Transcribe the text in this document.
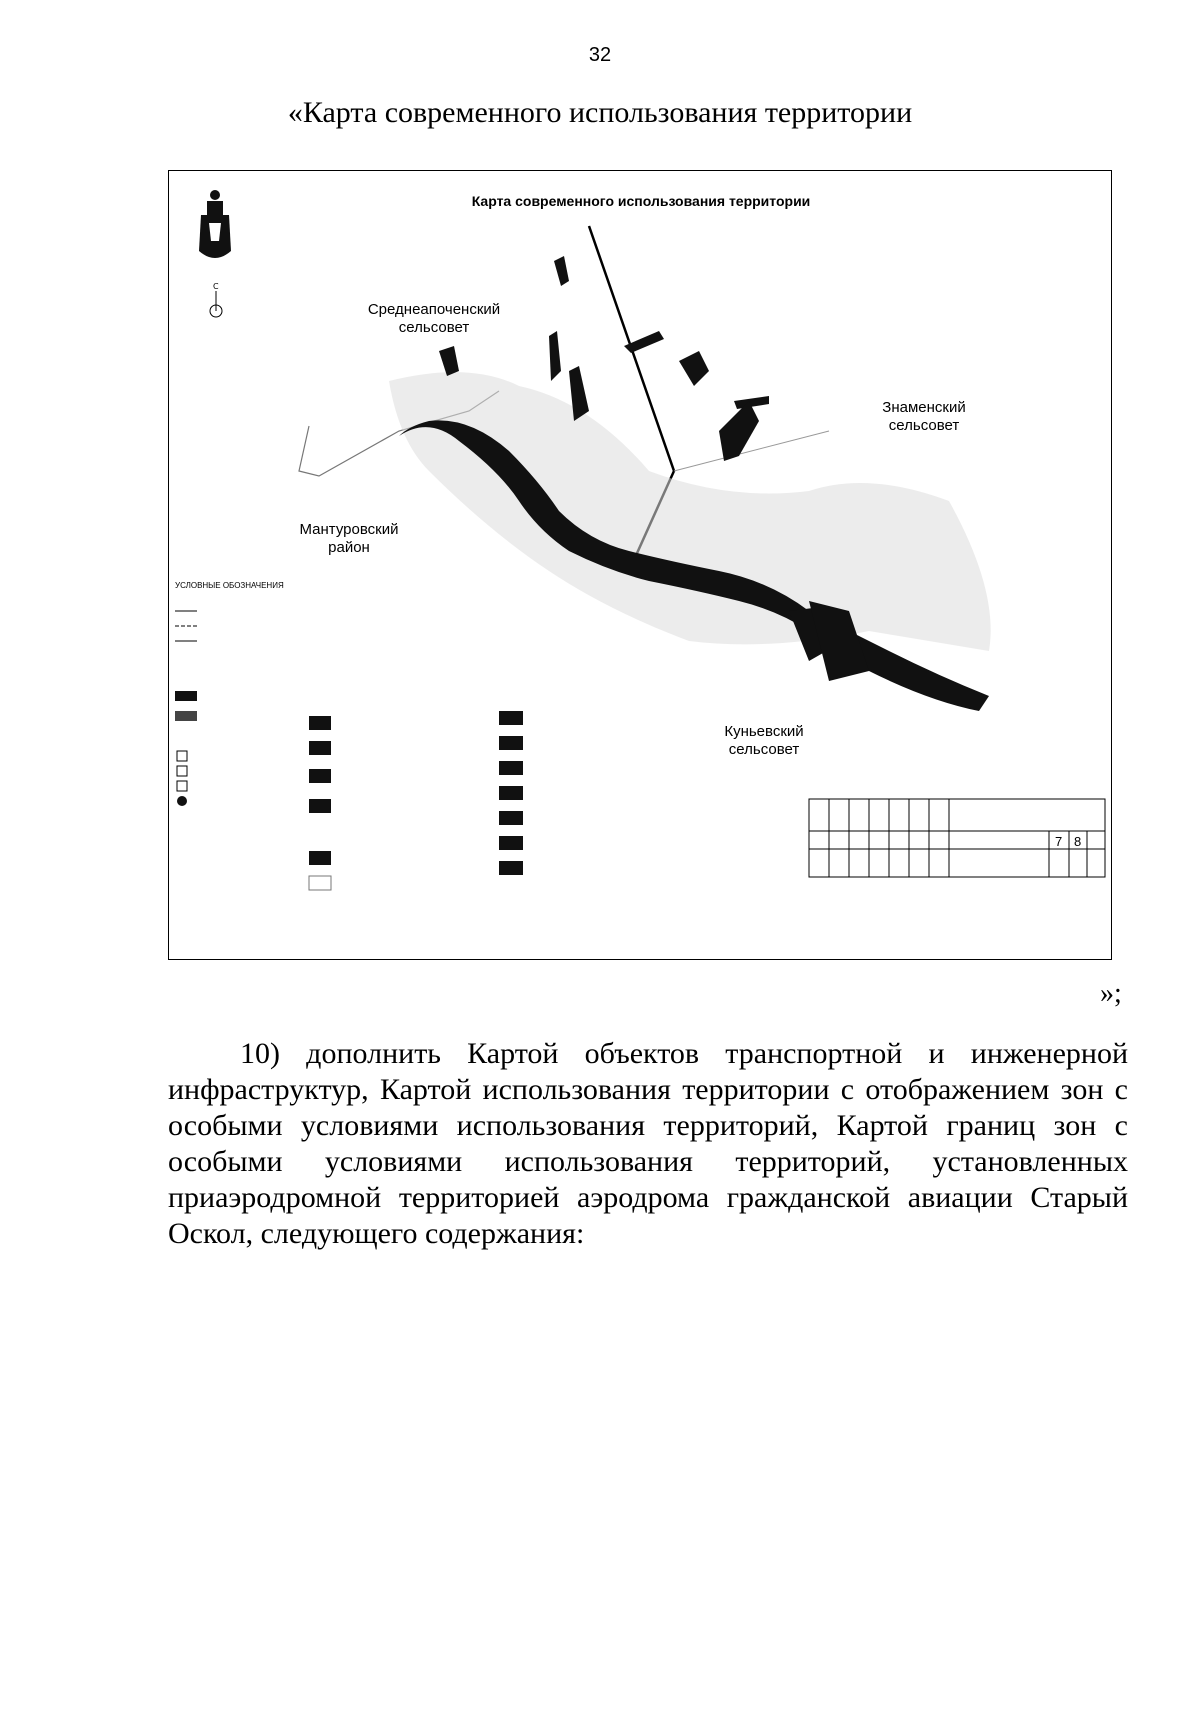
32
«Карта современного использования территории
С
Карта современного использования территории
Среднеапоченский
сельсовет
Знаменский
сельсовет
Мантуровский
район
Куньевский
сельсовет
УСЛОВНЫЕ ОБОЗНАЧЕНИЯ
7 8
»;
10) дополнить Картой объектов транспортной и инженерной
инфраструктур, Картой использования территории с отображением зон с
особыми условиями использования территорий, Картой границ зон с
особыми условиями использования территорий, установленных
приаэродромной территорией аэродрома гражданской авиации Старый
Оскол, следующего содержания:
